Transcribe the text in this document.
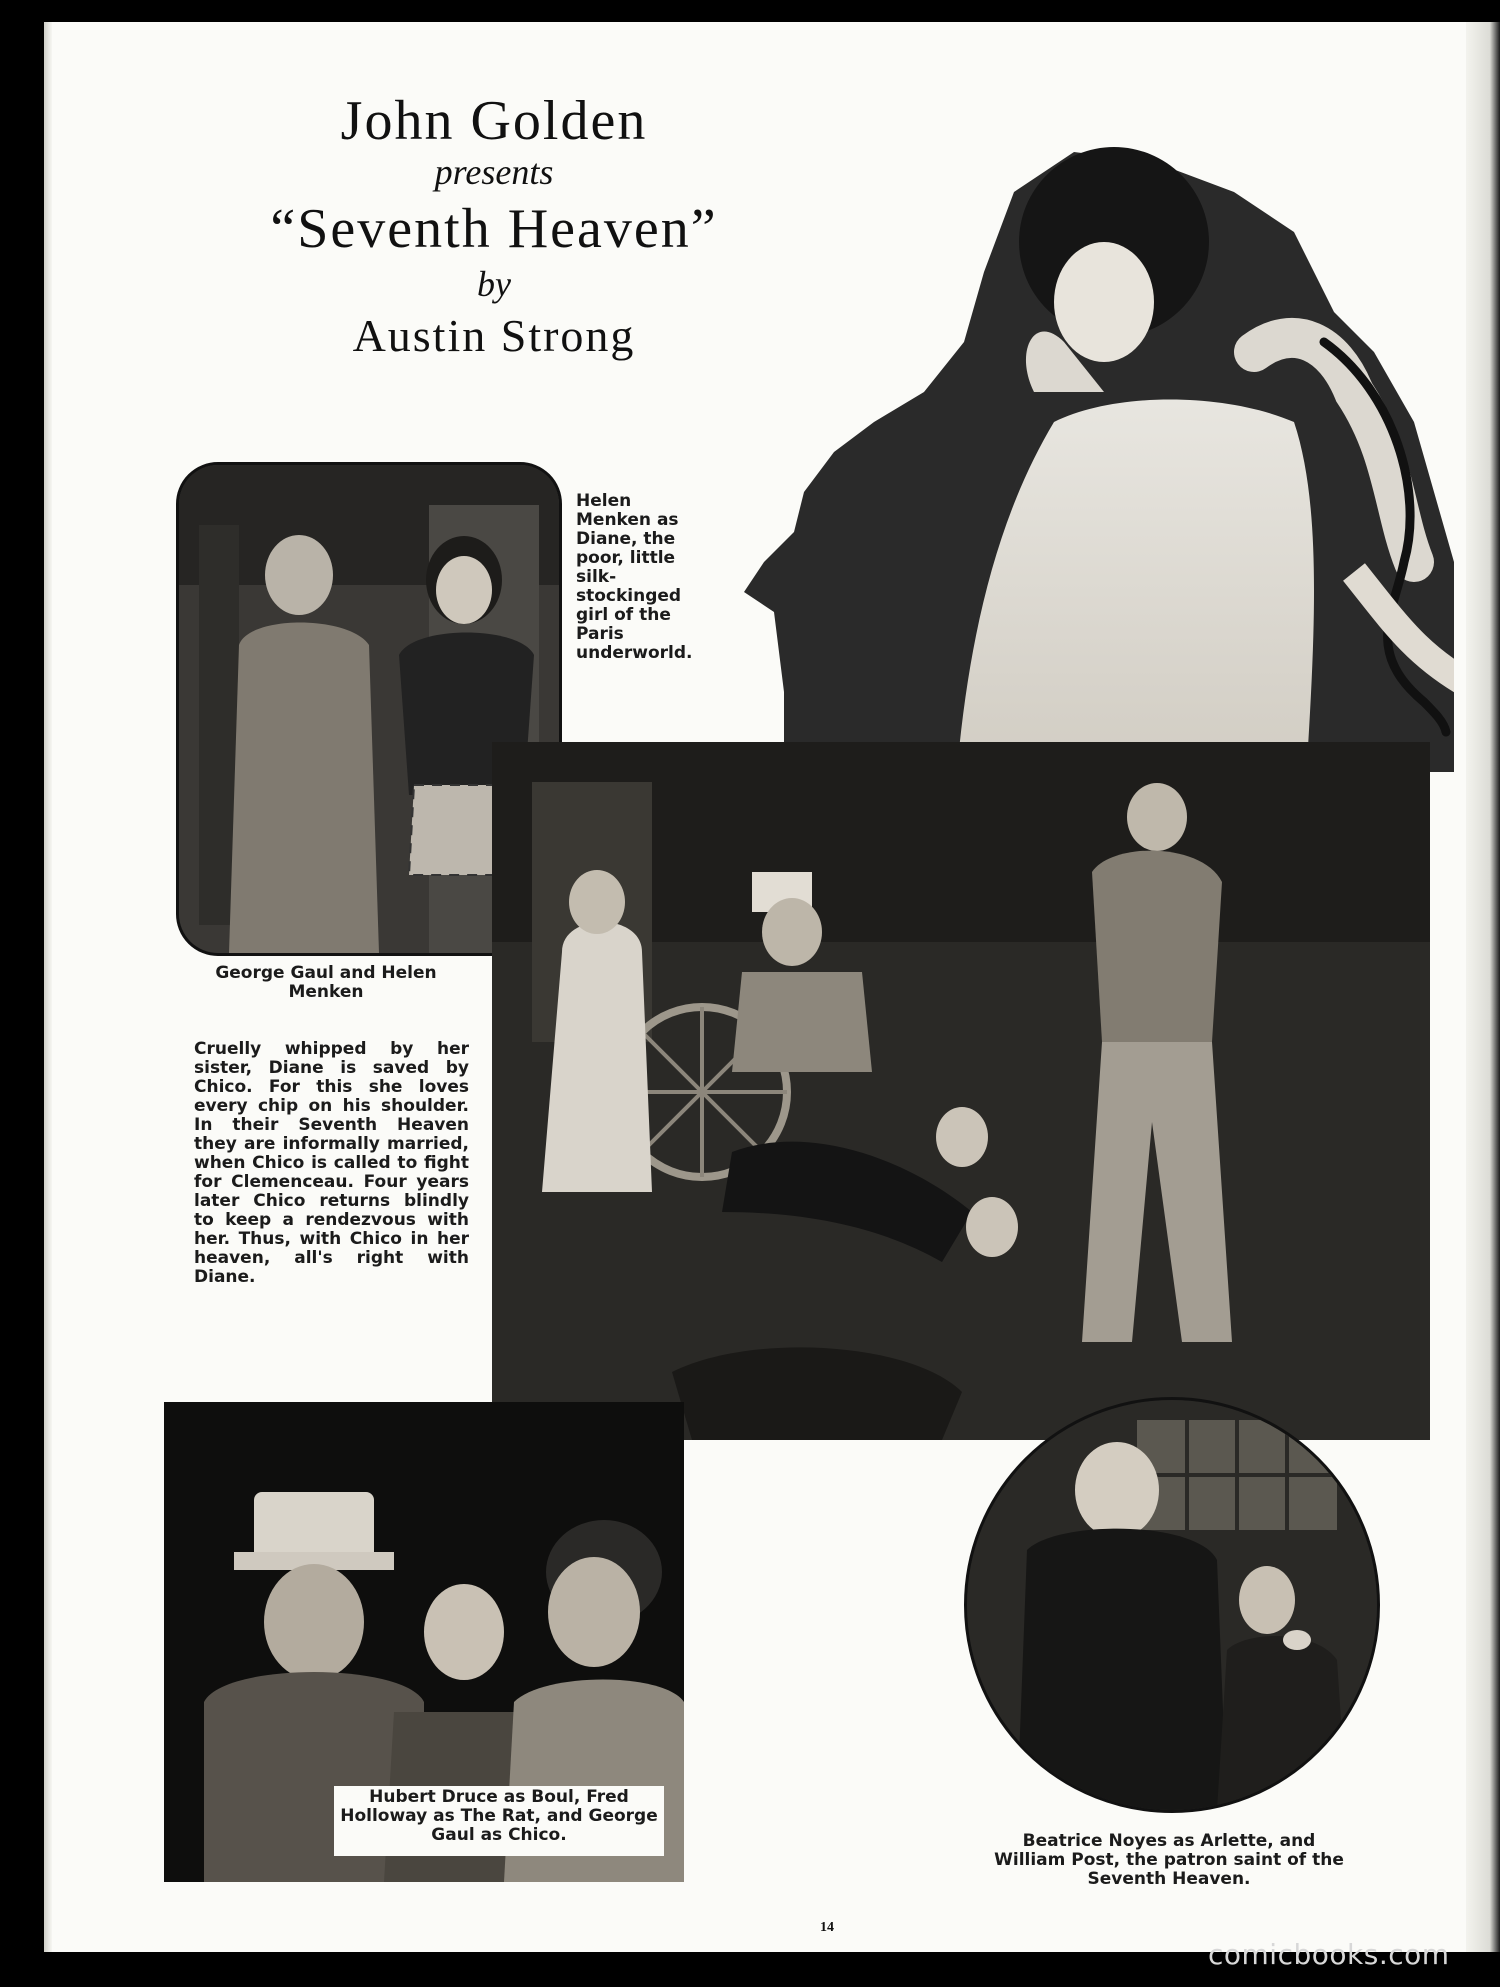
John Golden
presents
“Seventh Heaven”
by
Austin Strong
Helen Menken as Diane, the poor, little silk-stockinged girl of the Paris underworld.
George Gaul and Helen Menken
Cruelly whipped by her sister, Diane is saved by Chico. For this she loves every chip on his shoulder. In their Seventh Heaven they are informally married, when Chico is called to fight for Clemenceau. Four years later Chico returns blindly to keep a rendezvous with her. Thus, with Chico in her heaven, all's right with Diane.
Hubert Druce as Boul, Fred Holloway as The Rat, and George Gaul as Chico.	Beatrice Noyes as Arlette, and William Post, the patron saint of the Seventh Heaven.
14
comicbooks.com
